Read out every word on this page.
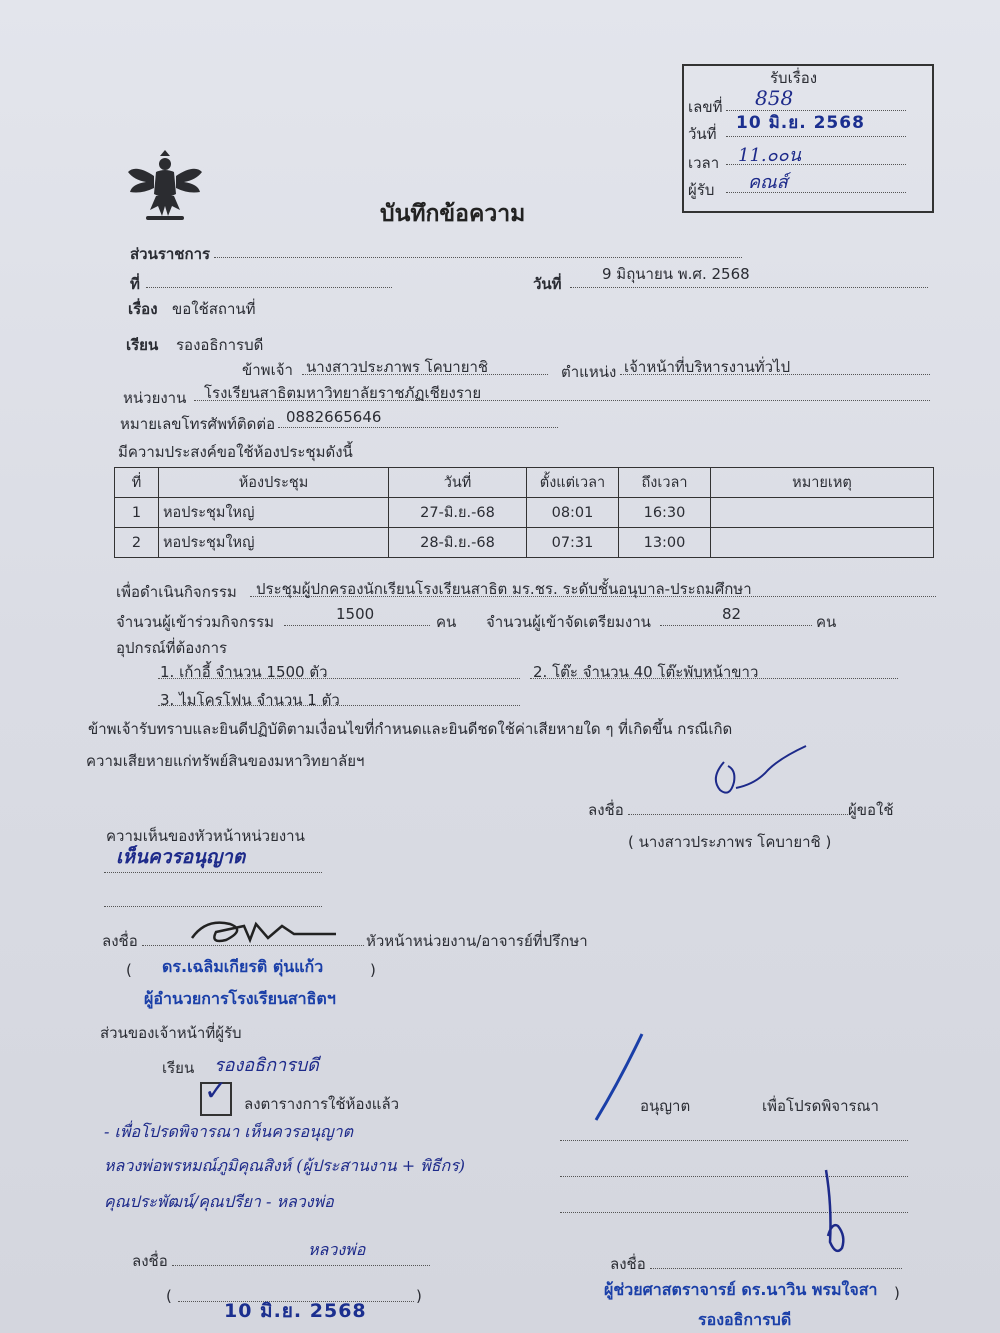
รับเรื่อง
เลขที่ 858
วันที่
10 มิ.ย. 2568
เวลา 11.๐๐น
ผู้รับ คณส์
บันทึกข้อความ
ส่วนราชการ
ที่	วันที่
9 มิถุนายน พ.ศ. 2568
เรื่อง ขอใช้สถานที่
เรียน รองอธิการบดี
ข้าพเจ้า นางสาวประภาพร โคบายาชิ	ตำแหน่ง เจ้าหน้าที่บริหารงานทั่วไป
หน่วยงาน โรงเรียนสาธิตมหาวิทยาลัยราชภัฏเชียงราย
หมายเลขโทรศัพท์ติดต่อ 0882665646
มีความประสงค์ขอใช้ห้องประชุมดังนี้
ที่	ห้องประชุม	วันที่	ตั้งแต่เวลา	ถึงเวลา	หมายเหตุ
1	หอประชุมใหญ่	27-มิ.ย.-68	08:01	16:30	
2	หอประชุมใหญ่	28-มิ.ย.-68	07:31	13:00	
เพื่อดำเนินกิจกรรม ประชุมผู้ปกครองนักเรียนโรงเรียนสาธิต มร.ชร. ระดับชั้นอนุบาล-ประถมศึกษา
จำนวนผู้เข้าร่วมกิจกรรม	1500	คน จำนวนผู้เข้าจัดเตรียมงาน	82	คน
อุปกรณ์ที่ต้องการ
1. เก้าอี้ จำนวน 1500 ตัว	2. โต๊ะ จำนวน 40 โต๊ะพับหน้าขาว
3. ไมโครโฟน จำนวน 1 ตัว
ข้าพเจ้ารับทราบและยินดีปฏิบัติตามเงื่อนไขที่กำหนดและยินดีชดใช้ค่าเสียหายใด ๆ ที่เกิดขึ้น กรณีเกิด
ความเสียหายแก่ทรัพย์สินของมหาวิทยาลัยฯ
ลงชื่อ	ผู้ขอใช้
( นางสาวประภาพร โคบายาชิ )
ความเห็นของหัวหน้าหน่วยงาน
เห็นควรอนุญาต
ลงชื่อ	หัวหน้าหน่วยงาน/อาจารย์ที่ปรึกษา
( ดร.เฉลิมเกียรติ ตุ่นแก้ว	)
ผู้อำนวยการโรงเรียนสาธิตฯ
ส่วนของเจ้าหน้าที่ผู้รับ
เรียน รองอธิการบดี
✓ ลงตารางการใช้ห้องแล้ว
- เพื่อโปรดพิจารณา เห็นควรอนุญาต
หลวงพ่อพรหมณ์ภูมิคุณสิงห์ (ผู้ประสานงาน + พิธีกร)
คุณประพัฒน์/คุณปรียา - หลวงพ่อ
ลงชื่อ
หลวงพ่อ
(	)
10 มิ.ย. 2568
อนุญาต	เพื่อโปรดพิจารณา
ลงชื่อ
ผู้ช่วยศาสตราจารย์ ดร.นาวิน พรมใจสา )
รองอธิการบดี
